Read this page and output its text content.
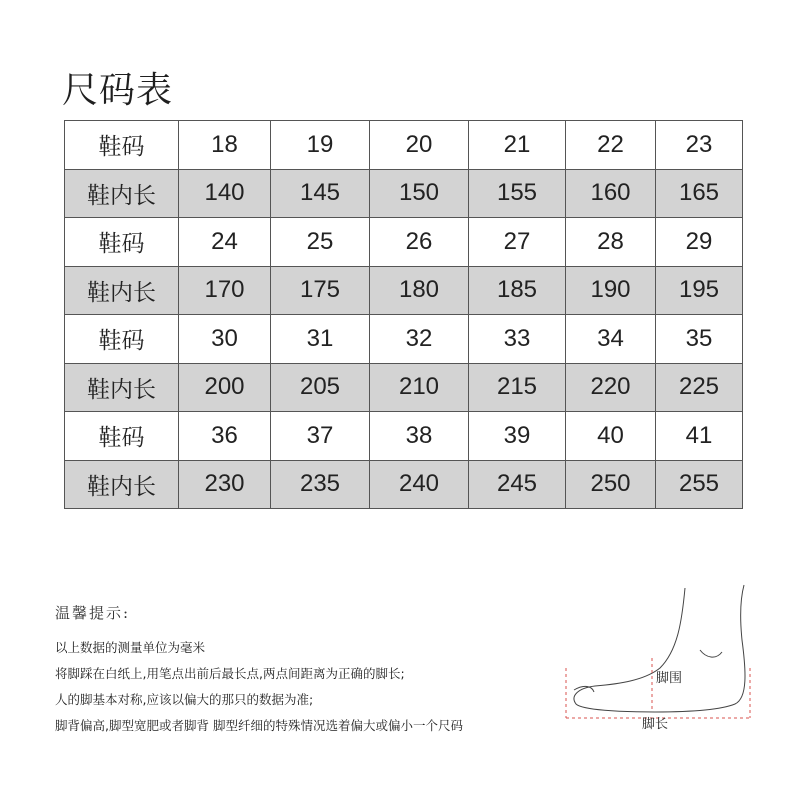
尺码表
鞋码	18	19	20	21	22	23
鞋内长	140	145	150	155	160	165
鞋码	24	25	26	27	28	29
鞋内长	170	175	180	185	190	195
鞋码	30	31	32	33	34	35
鞋内长	200	205	210	215	220	225
鞋码	36	37	38	39	40	41
鞋内长	230	235	240	245	250	255
温馨提示:
以上数据的测量单位为毫米
将脚踩在白纸上,用笔点出前后最长点,两点间距离为正确的脚长;
人的脚基本对称,应该以偏大的那只的数据为准;
脚背偏高,脚型宽肥或者脚背 脚型纤细的特殊情况选着偏大或偏小一个尺码
脚围
脚长
